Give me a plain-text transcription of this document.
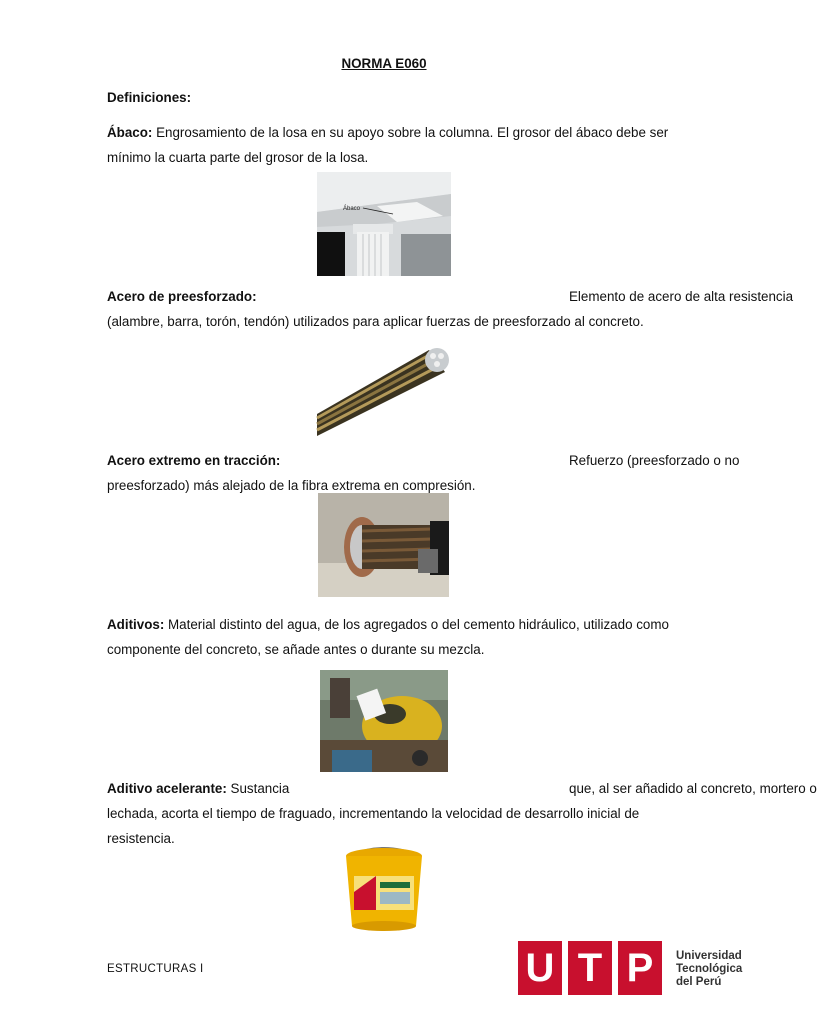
NORMA E060
Definiciones:
Ábaco: Engrosamiento de la losa en su apoyo sobre la columna. El grosor del ábaco debe ser
mínimo la cuarta parte del grosor de la losa.
Ábaco
Acero de preesforzado:	Elemento de acero de alta resistencia
(alambre, barra, torón, tendón) utilizados para aplicar fuerzas de preesforzado al concreto.
Acero extremo en tracción:	Refuerzo (preesforzado o no
preesforzado) más alejado de la fibra extrema en compresión.
Aditivos: Material distinto del agua, de los agregados o del cemento hidráulico, utilizado como
componente del concreto, se añade antes o durante su mezcla.
Aditivo acelerante: Sustancia	que, al ser añadido al concreto, mortero o
lechada, acorta el tiempo de fraguado, incrementando la velocidad de desarrollo inicial de
resistencia.
ESTRUCTURAS I	U T P	Universidad
Tecnológica
del Perú
